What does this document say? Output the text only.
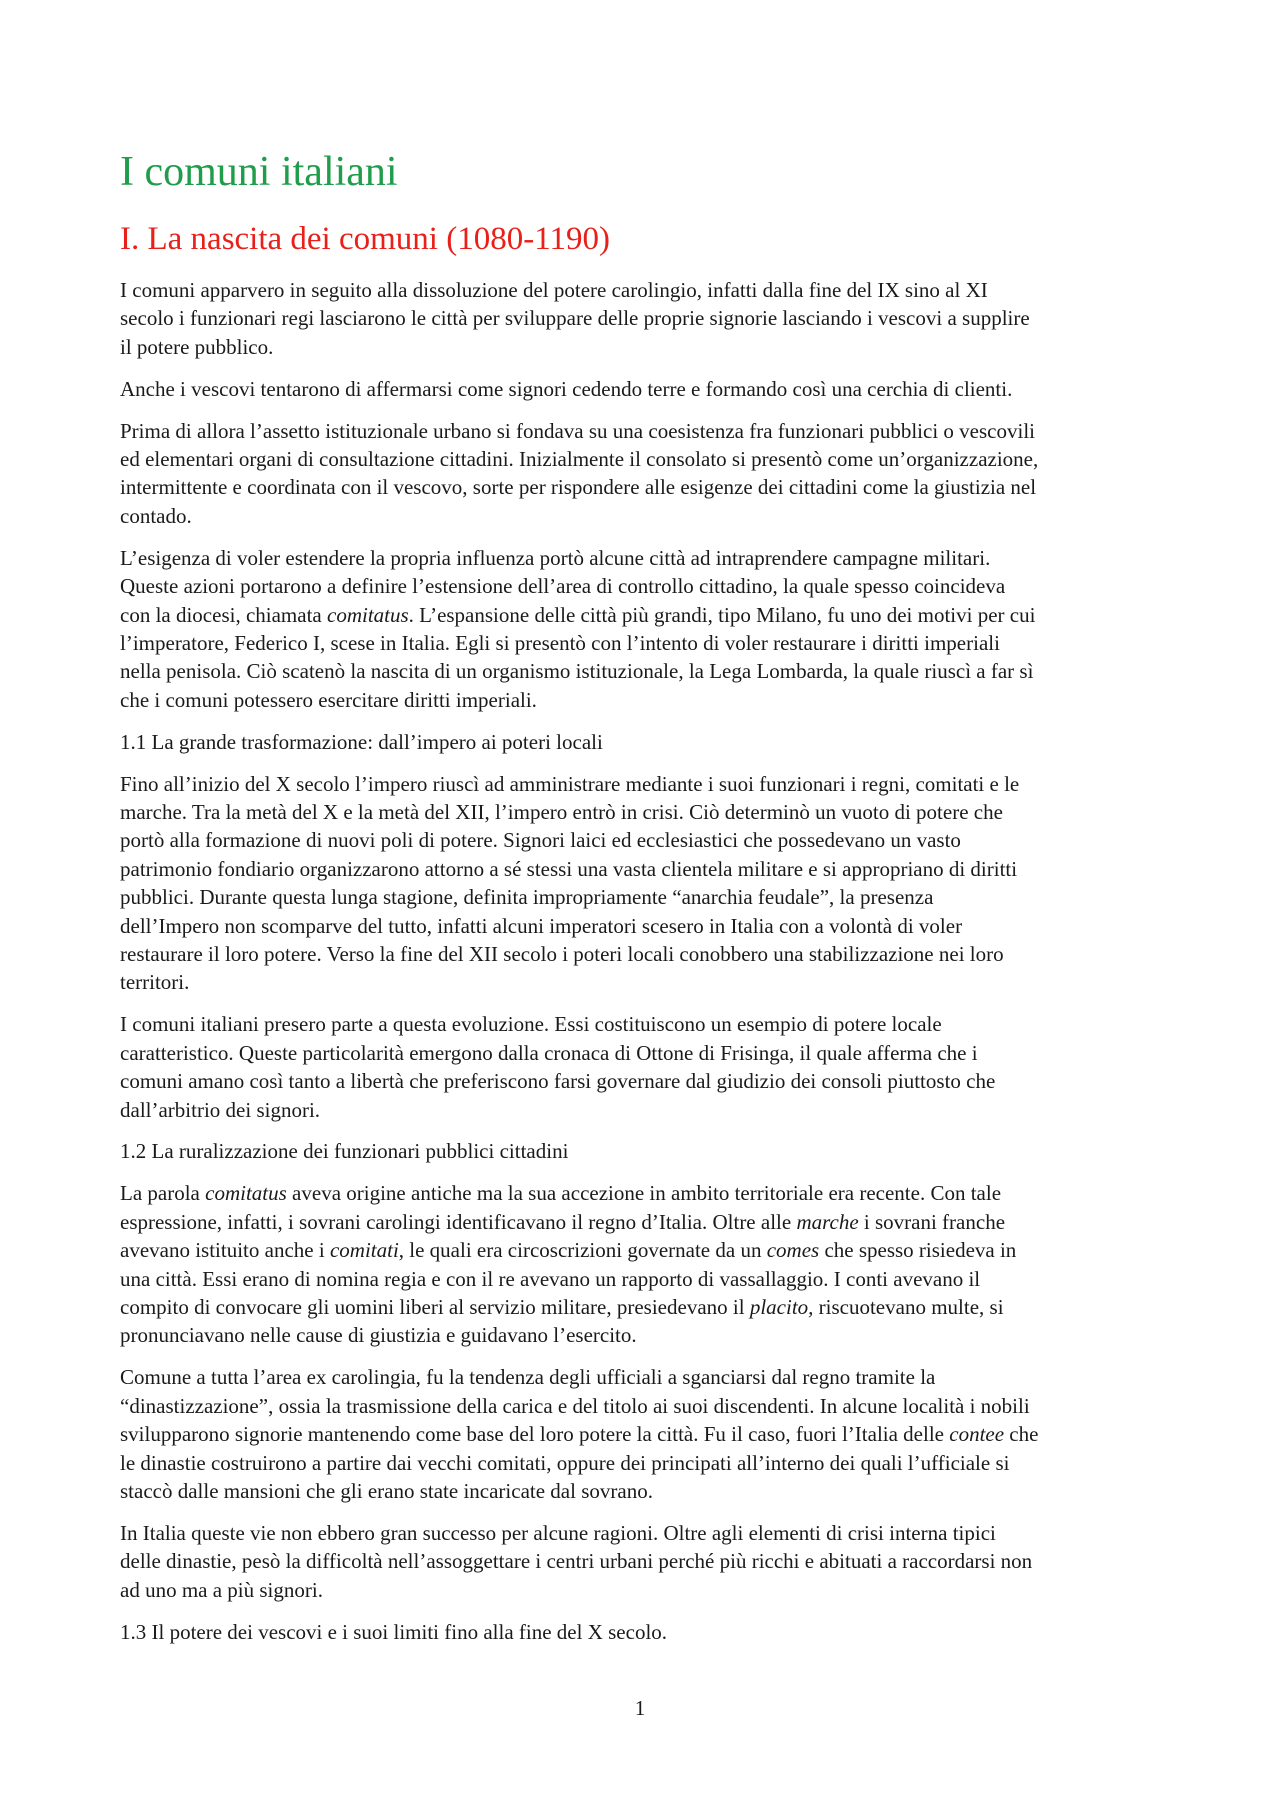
I comuni italiani
I. La nascita dei comuni (1080-1190)

I comuni apparvero in seguito alla dissoluzione del potere carolingio, infatti dalla fine del IX sino al XI
secolo i funzionari regi lasciarono le città per sviluppare delle proprie signorie lasciando i vescovi a supplire
il potere pubblico.

Anche i vescovi tentarono di affermarsi come signori cedendo terre e formando così una cerchia di clienti.

Prima di allora l’assetto istituzionale urbano si fondava su una coesistenza fra funzionari pubblici o vescovili
ed elementari organi di consultazione cittadini. Inizialmente il consolato si presentò come un’organizzazione,
intermittente e coordinata con il vescovo, sorte per rispondere alle esigenze dei cittadini come la giustizia nel
contado.

L’esigenza di voler estendere la propria influenza portò alcune città ad intraprendere campagne militari.
Queste azioni portarono a definire l’estensione dell’area di controllo cittadino, la quale spesso coincideva
con la diocesi, chiamata comitatus. L’espansione delle città più grandi, tipo Milano, fu uno dei motivi per cui
l’imperatore, Federico I, scese in Italia. Egli si presentò con l’intento di voler restaurare i diritti imperiali
nella penisola. Ciò scatenò la nascita di un organismo istituzionale, la Lega Lombarda, la quale riuscì a far sì
che i comuni potessero esercitare diritti imperiali.

1.1 La grande trasformazione: dall’impero ai poteri locali

Fino all’inizio del X secolo l’impero riuscì ad amministrare mediante i suoi funzionari i regni, comitati e le
marche. Tra la metà del X e la metà del XII, l’impero entrò in crisi. Ciò determinò un vuoto di potere che
portò alla formazione di nuovi poli di potere. Signori laici ed ecclesiastici che possedevano un vasto
patrimonio fondiario organizzarono attorno a sé stessi una vasta clientela militare e si appropriano di diritti
pubblici. Durante questa lunga stagione, definita impropriamente “anarchia feudale”, la presenza
dell’Impero non scomparve del tutto, infatti alcuni imperatori scesero in Italia con a volontà di voler
restaurare il loro potere. Verso la fine del XII secolo i poteri locali conobbero una stabilizzazione nei loro
territori.

I comuni italiani presero parte a questa evoluzione. Essi costituiscono un esempio di potere locale
caratteristico. Queste particolarità emergono dalla cronaca di Ottone di Frisinga, il quale afferma che i
comuni amano così tanto a libertà che preferiscono farsi governare dal giudizio dei consoli piuttosto che
dall’arbitrio dei signori.

1.2 La ruralizzazione dei funzionari pubblici cittadini

La parola comitatus aveva origine antiche ma la sua accezione in ambito territoriale era recente. Con tale
espressione, infatti, i sovrani carolingi identificavano il regno d’Italia. Oltre alle marche i sovrani franche
avevano istituito anche i comitati, le quali era circoscrizioni governate da un comes che spesso risiedeva in
una città. Essi erano di nomina regia e con il re avevano un rapporto di vassallaggio. I conti avevano il
compito di convocare gli uomini liberi al servizio militare, presiedevano il placito, riscuotevano multe, si
pronunciavano nelle cause di giustizia e guidavano l’esercito.

Comune a tutta l’area ex carolingia, fu la tendenza degli ufficiali a sganciarsi dal regno tramite la
“dinastizzazione”, ossia la trasmissione della carica e del titolo ai suoi discendenti. In alcune località i nobili
svilupparono signorie mantenendo come base del loro potere la città. Fu il caso, fuori l’Italia delle contee che
le dinastie costruirono a partire dai vecchi comitati, oppure dei principati all’interno dei quali l’ufficiale si
staccò dalle mansioni che gli erano state incaricate dal sovrano.

In Italia queste vie non ebbero gran successo per alcune ragioni. Oltre agli elementi di crisi interna tipici
delle dinastie, pesò la difficoltà nell’assoggettare i centri urbani perché più ricchi e abituati a raccordarsi non
ad uno ma a più signori.

1.3 Il potere dei vescovi e i suoi limiti fino alla fine del X secolo.

1
